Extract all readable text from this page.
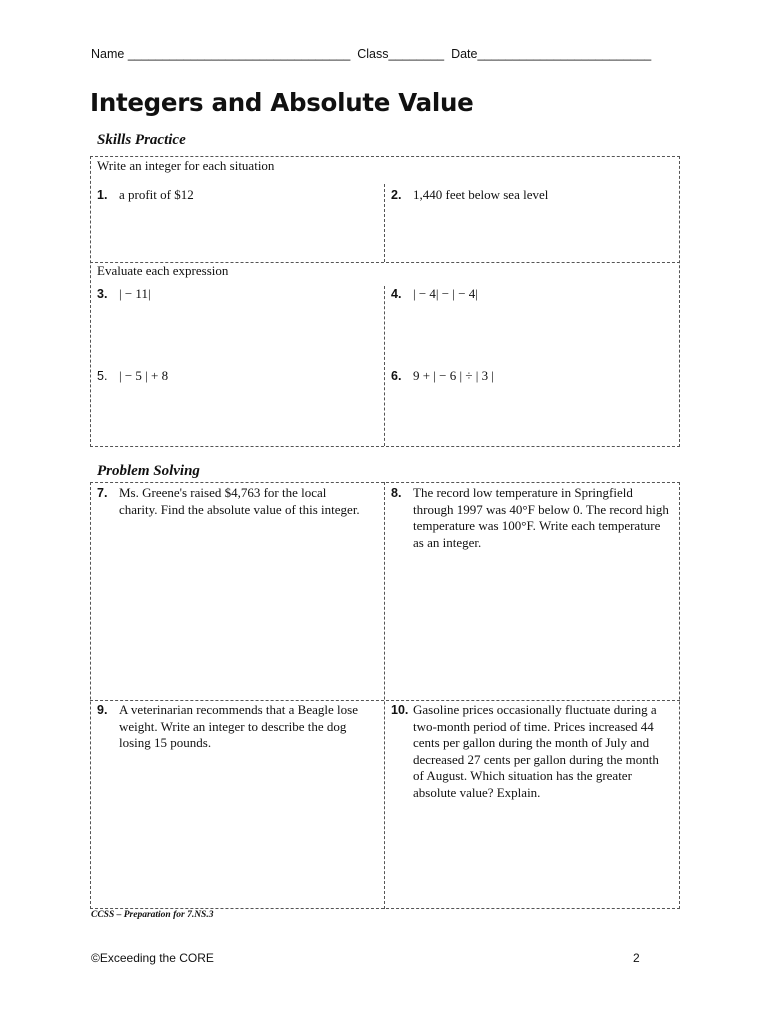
Name ________________________________ Class________ Date_________________________
Integers and Absolute Value
Skills Practice
Write an integer for each situation
1. a profit of $12	2. 1,440 feet below sea level
Evaluate each expression
3. | − 11|	4. | − 4| − | − 4|
5. | − 5 | + 8	6. 9 + | − 6 | ÷ | 3 |
Problem Solving
7. Ms. Greene's raised $4,763 for the local charity. Find the absolute value of this integer.
8. The record low temperature in Springfield through 1997 was 40°F below 0. The record high temperature was 100°F. Write each temperature as an integer.
9. A veterinarian recommends that a Beagle lose weight. Write an integer to describe the dog losing 15 pounds.
10. Gasoline prices occasionally fluctuate during a two-month period of time. Prices increased 44 cents per gallon during the month of July and decreased 27 cents per gallon during the month of August. Which situation has the greater absolute value? Explain.
CCSS – Preparation for 7.NS.3
©Exceeding the CORE	2
